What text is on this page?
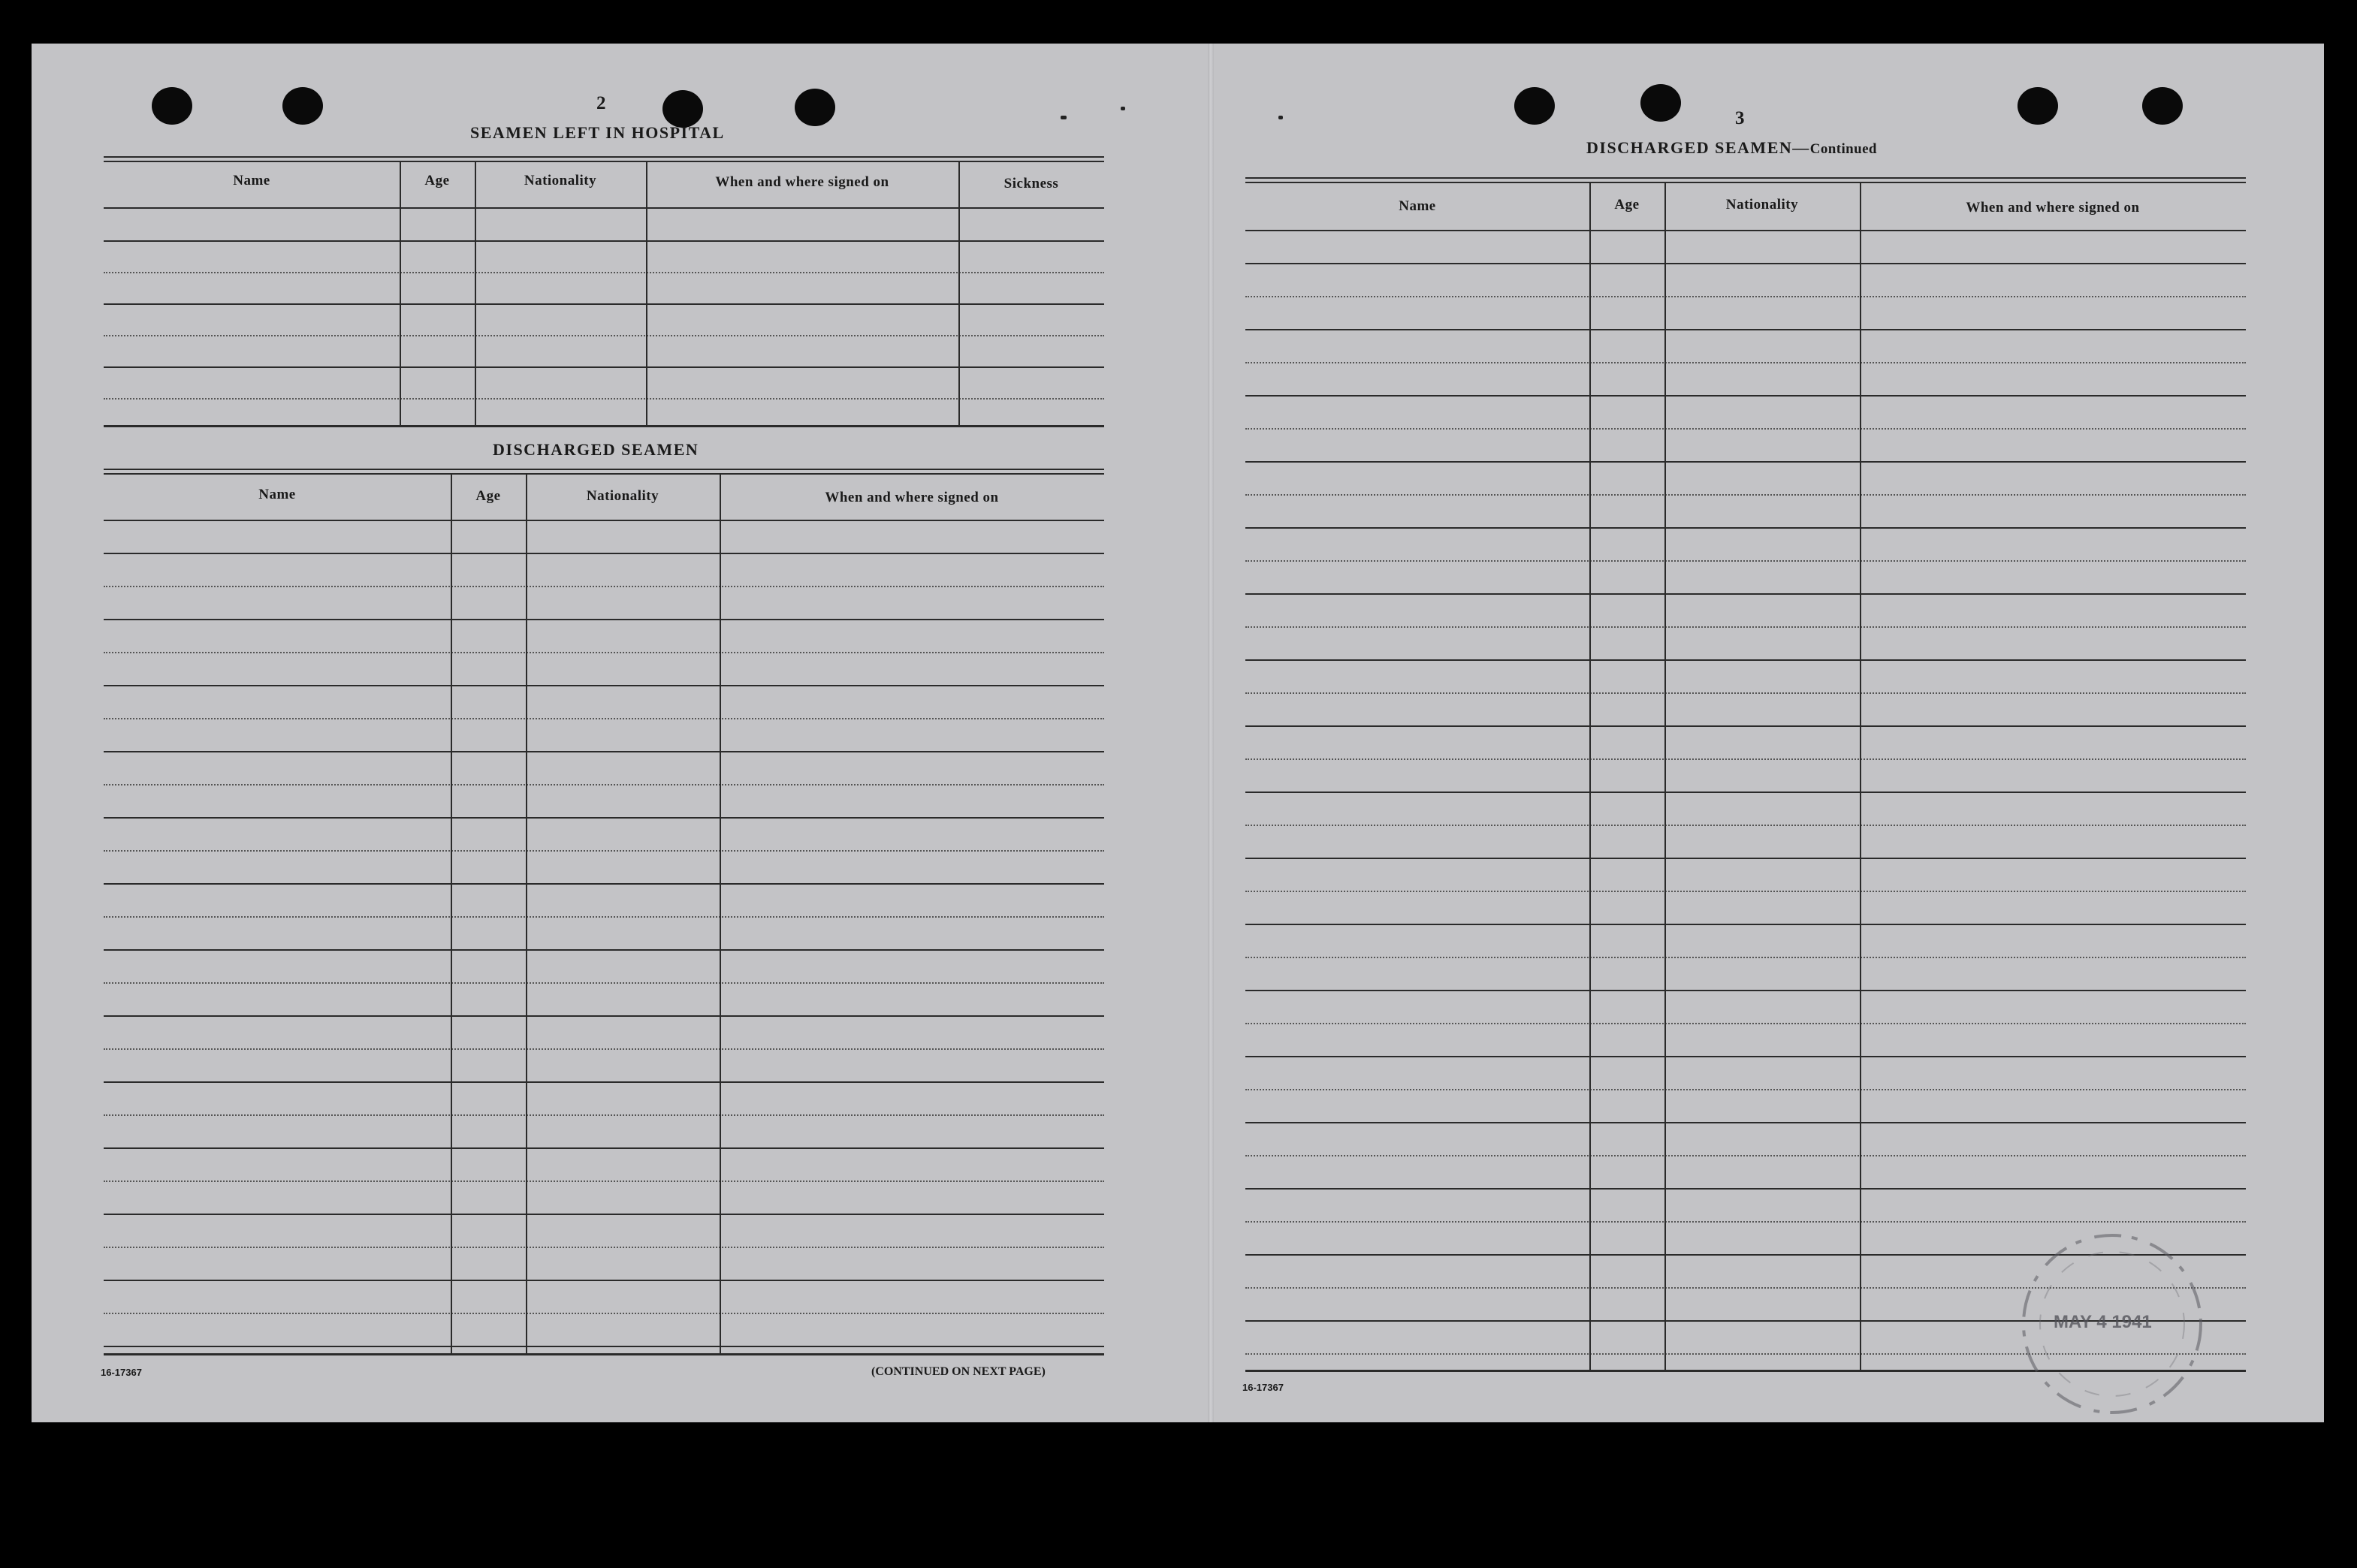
2
SEAMEN LEFT IN HOSPITAL
Name	Age	Nationality	When and where signed on	Sickness
DISCHARGED SEAMEN
Name	Age	Nationality	When and where signed on
16-17367	(CONTINUED ON NEXT PAGE)
3
DISCHARGED SEAMEN—Continued
Name	Age	Nationality	When and where signed on
16-17367
MAY 4 1941
